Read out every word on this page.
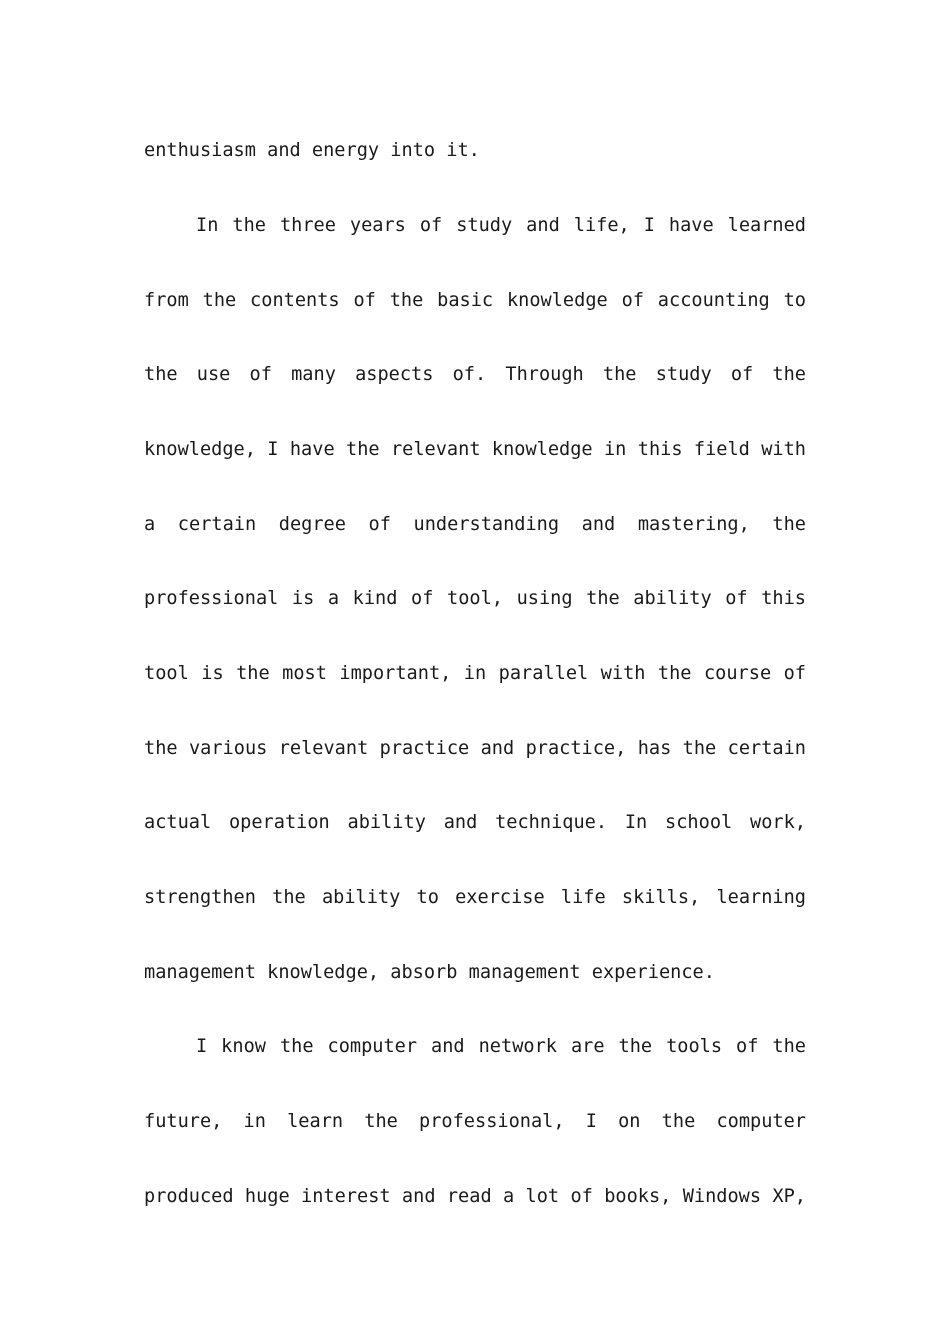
enthusiasm and energy into it.
In the three years of study and life, I have learned
from the contents of the basic knowledge of accounting to
the use of many aspects of. Through the study of the
knowledge, I have the relevant knowledge in this field with
a certain degree of understanding and mastering, the
professional is a kind of tool, using the ability of this
tool is the most important, in parallel with the course of
the various relevant practice and practice, has the certain
actual operation ability and technique. In school work,
strengthen the ability to exercise life skills, learning
management knowledge, absorb management experience.
I know the computer and network are the tools of the
future, in learn the professional, I on the computer
produced huge interest and read a lot of books, Windows XP,
